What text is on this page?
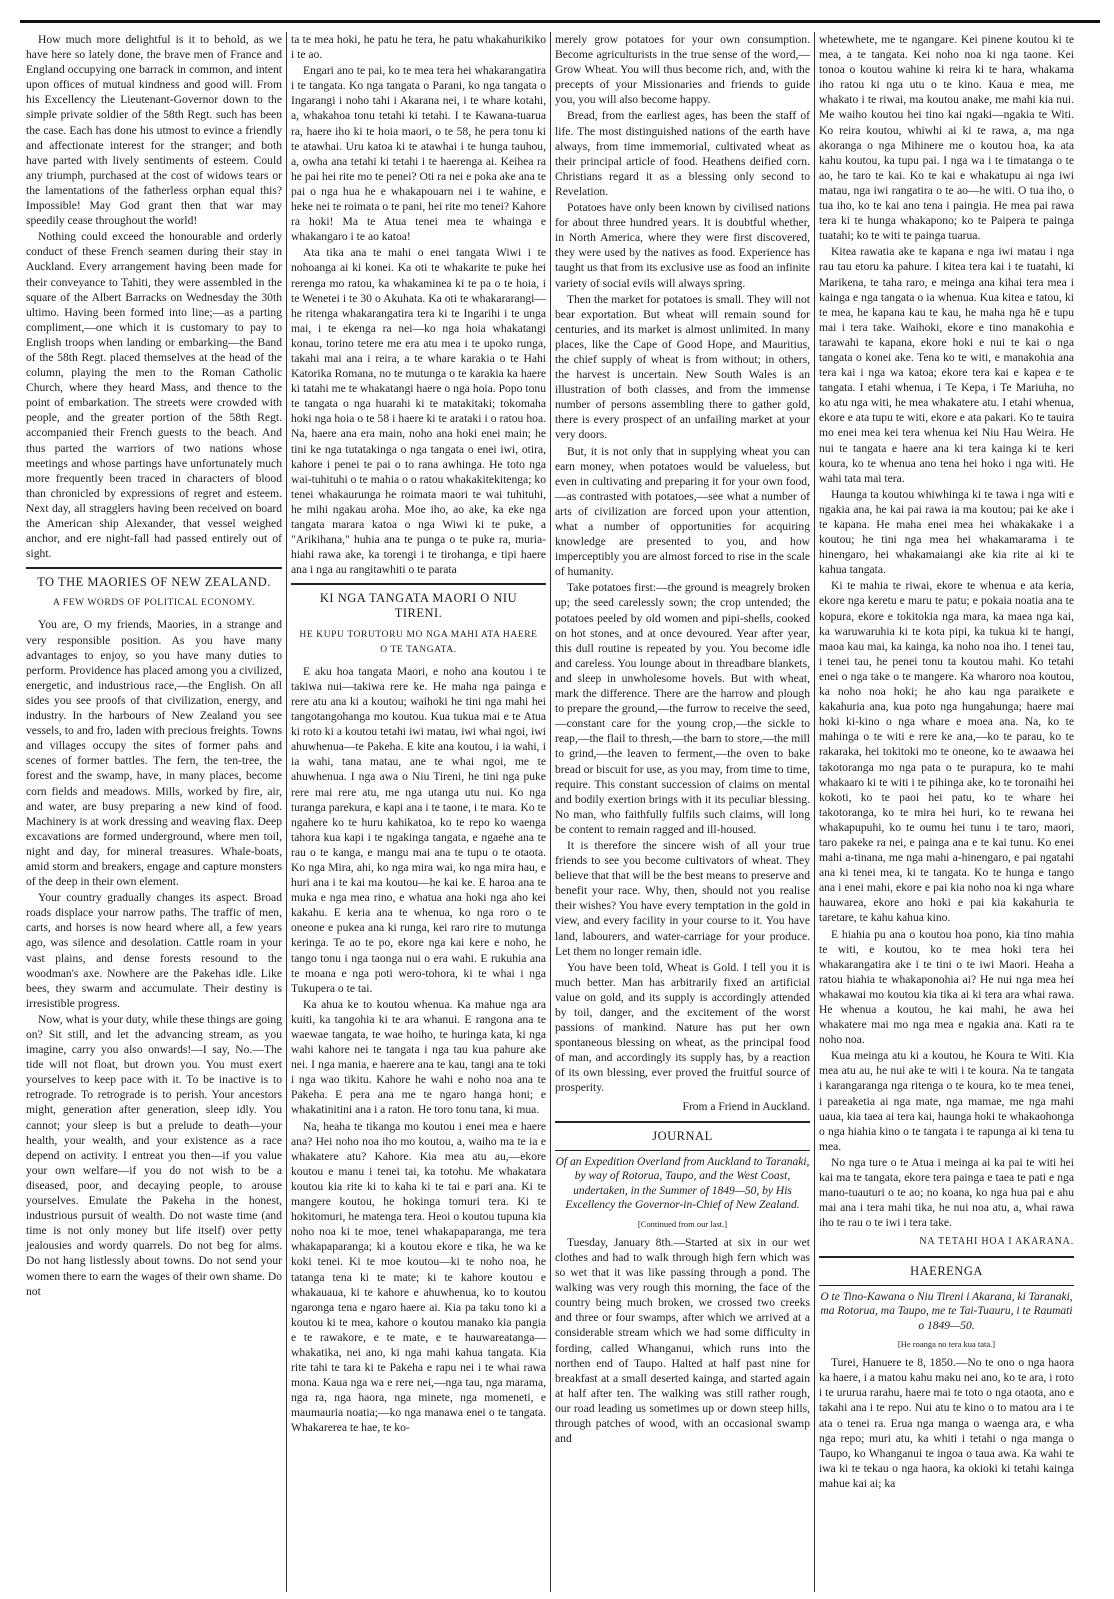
How much more delightful is it to behold, as we have here so lately done, the brave men of France and England occupying one barrack in common, and intent upon offices of mutual kindness and good will. From his Excellency the Lieutenant-Governor down to the simple private soldier of the 58th Regt. such has been the case. Each has done his utmost to evince a friendly and affectionate interest for the stranger; and both have parted with lively sentiments of esteem. Could any triumph, purchased at the cost of widows tears or the lamentations of the fatherless orphan equal this? Impossible! May God grant then that war may speedily cease throughout the world!

Nothing could exceed the honourable and orderly conduct of these French seamen during their stay in Auckland. Every arrangement having been made for their conveyance to Tahiti, they were assembled in the square of the Albert Barracks on Wednesday the 30th ultimo. Having been formed into line;—as a parting compliment,—one which it is customary to pay to English troops when landing or embarking—the Band of the 58th Regt. placed themselves at the head of the column, playing the men to the Roman Catholic Church, where they heard Mass, and thence to the point of embarkation. The streets were crowded with people, and the greater portion of the 58th Regt. accompanied their French guests to the beach. And thus parted the warriors of two nations whose meetings and whose partings have unfortunately much more frequently been traced in characters of blood than chronicled by expressions of regret and esteem. Next day, all stragglers having been received on board the American ship Alexander, that vessel weighed anchor, and ere night-fall had passed entirely out of sight.

TO THE MAORIES OF NEW ZEALAND.
A FEW WORDS OF POLITICAL ECONOMY.

You are, O my friends, Maories, in a strange and very responsible position. As you have many advantages to enjoy, so you have many duties to perform. Providence has placed among you a civilized, energetic, and industrious race,—the English. On all sides you see proofs of that civilization, energy, and industry. In the harbours of New Zealand you see vessels, to and fro, laden with precious freights. Towns and villages occupy the sites of former pahs and scenes of former battles. The fern, the ten-tree, the forest and the swamp, have, in many places, become corn fields and meadows. Mills, worked by fire, air, and water, are busy preparing a new kind of food. Machinery is at work dressing and weaving flax. Deep excavations are formed underground, where men toil, night and day, for mineral treasures. Whale-boats, amid storm and breakers, engage and capture monsters of the deep in their own element.

Your country gradually changes its aspect. Broad roads displace your narrow paths. The traffic of men, carts, and horses is now heard where all, a few years ago, was silence and desolation. Cattle roam in your vast plains, and dense forests resound to the woodman's axe. Nowhere are the Pakehas idle. Like bees, they swarm and accumulate. Their destiny is irresistible progress.

Now, what is your duty, while these things are going on? Sit still, and let the advancing stream, as you imagine, carry you also onwards!—I say, No.—The tide will not float, but drown you. You must exert yourselves to keep pace with it. To be inactive is to retrograde. To retrograde is to perish. Your ancestors might, generation after generation, sleep idly. You cannot; your sleep is but a prelude to death—your health, your wealth, and your existence as a race depend on activity. I entreat you then—if you value your own welfare—if you do not wish to be a diseased, poor, and decaying people, to arouse yourselves. Emulate the Pakeha in the honest, industrious pursuit of wealth. Do not waste time (and time is not only money but life itself) over petty jealousies and wordy quarrels. Do not beg for alms. Do not hang listlessly about towns. Do not send your women there to earn the wages of their own shame. Do not

ta te mea hoki, he patu he tera, he patu whakahurikiko i te ao.

Engari ano te pai, ko te mea tera hei whakarangatira i te tangata. Ko nga tangata o Parani, ko nga tangata o Ingarangi i noho tahi i Akarana nei, i te whare kotahi, a, whakahoa tonu tetahi ki tetahi. I te Kawana-tuarua ra, haere iho ki te hoia maori, o te 58, he pera tonu ki te atawhai. Uru katoa ki te atawhai i te hunga tauhou, a, owha ana tetahi ki tetahi i te haerenga ai. Keihea ra he pai hei rite mo te penei? Oti ra nei e poka ake ana te pai o nga hua he e whakapouarn nei i te wahine, e heke nei te roimata o te pani, hei rite mo tenei? Kahore ra hoki! Ma te Atua tenei mea te whainga e whakangaro i te ao katoa!

Ata tika ana te mahi o enei tangata Wiwi i te nohoanga ai ki konei. Ka oti te whakarite te puke hei rerenga mo ratou, ka whakaminea ki te pa o te hoia, i te Wenetei i te 30 o Akuhata. Ka oti te whakararangi—he ritenga whakarangatira tera ki te Ingarihi i te unga mai, i te ekenga ra nei—ko nga hoia whakatangi konau, torino tetere me era atu mea i te upoko runga, takahi mai ana i reira, a te whare karakia o te Hahi Katorika Romana, no te mutunga o te karakia ka haere ki tatahi me te whakatangi haere o nga hoia. Popo tonu te tangata o nga huarahi ki te matakitaki; tokomaha hoki nga hoia o te 58 i haere ki te arataki i o ratou hoa. Na, haere ana era main, noho ana hoki enei main; he tini ke nga tutatakinga o nga tangata o enei iwi, otira, kahore i penei te pai o to rana awhinga. He toto nga wai-tuhituhi o te mahia o o ratou whakakitekitenga; ko tenei whakaurunga he roimata maori te wai tuhituhi, he mihi ngakau aroha. Moe iho, ao ake, ka eke nga tangata marara katoa o nga Wiwi ki te puke, a "Arikihana," huhia ana te punga o te puke ra, muria-hiahi rawa ake, ka torengi i te tirohanga, e tipi haere ana i nga au rangitawhiti o te parata

KI NGA TANGATA MAORI O NIU
TIRENI.
HE KUPU TORUTORU MO NGA MAHI ATA HAERE
O TE TANGATA.

E aku hoa tangata Maori, e noho ana koutou i te takiwa nui—takiwa rere ke. He maha nga painga e rere atu ana ki a koutou; waihoki he tini nga mahi hei tangotangohanga mo koutou. Kua tukua mai e te Atua ki roto ki a koutou tetahi iwi matau, iwi whai ngoi, iwi ahuwhenua—te Pakeha. E kite ana koutou, i ia wahi, i ia wahi, tana matau, ane te whai ngoi, me te ahuwhenua. I nga awa o Niu Tireni, he tini nga puke rere mai rere atu, me nga utanga utu nui. Ko nga turanga parekura, e kapi ana i te taone, i te mara. Ko te ngahere ko te huru kahikatoa, ko te repo ko waenga tahora kua kapi i te ngakinga tangata, e ngaehe ana te rau o te kanga, e mangu mai ana te tupu o te otaota. Ko nga Mira, ahi, ko nga mira wai, ko nga mira hau, e huri ana i te kai ma koutou—he kai ke. E haroa ana te muka e nga mea rino, e whatua ana hoki nga aho kei kakahu. E keria ana te whenua, ko nga roro o te oneone e pukea ana ki runga, kei raro rire to mutunga keringa. Te ao te po, ekore nga kai kere e noho, he tango tonu i nga taonga nui o era wahi. E rukuhia ana te moana e nga poti wero-tohora, ki te whai i nga Tukupera o te tai.

Ka ahua ke to koutou whenua. Ka mahue nga ara kuiti, ka tangohia ki te ara whanui. E rangona ana te waewae tangata, te wae hoiho, te huringa kata, ki nga wahi kahore nei te tangata i nga tau kua pahure ake nei. I nga mania, e haerere ana te kau, tangi ana te toki i nga wao tikitu. Kahore he wahi e noho noa ana te Pakeha. E pera ana me te ngaro hanga honi; e whakatinitini ana i a raton. He toro tonu tana, ki mua.

Na, heaha te tikanga mo koutou i enei mea e haere ana? Hei noho noa iho mo koutou, a, waiho ma te ia e whakatere atu? Kahore. Kia mea atu au,—ekore koutou e manu i tenei tai, ka totohu. Me whakatara koutou kia rite ki to kaha ki te tai e pari ana. Ki te mangere koutou, he hokinga tomuri tera. Ki te hokitomuri, he matenga tera. Heoi o koutou tupuna kia noho noa ki te moe, tenei whakapaparanga, me tera whakapaparanga; ki a koutou ekore e tika, he wa ke koki tenei. Ki te moe koutou—ki te noho noa, he tatanga tena ki te mate; ki te kahore koutou e whakauaua, ki te kahore e ahuwhenua, ko to koutou ngaronga tena e ngaro haere ai. Kia pa taku tono ki a koutou ki te mea, kahore o koutou manako kia pangia e te rawakore, e te mate, e te hauwareatanga—whakatika, nei ano, ki nga mahi kahua tangata. Kia rite tahi te tara ki te Pakeha e rapu nei i te whai rawa mona. Kaua nga wa e rere nei,—nga tau, nga marama, nga ra, nga haora, nga minete, nga momeneti, e maumauria noatia;—ko nga manawa enei o te tangata. Whakarerea te hae, te ko-

merely grow potatoes for your own consumption. Become agriculturists in the true sense of the word,—Grow Wheat. You will thus become rich, and, with the precepts of your Missionaries and friends to guide you, you will also become happy.

Bread, from the earliest ages, has been the staff of life. The most distinguished nations of the earth have always, from time immemorial, cultivated wheat as their principal article of food. Heathens deified corn. Christians regard it as a blessing only second to Revelation.

Potatoes have only been known by civilised nations for about three hundred years. It is doubtful whether, in North America, where they were first discovered, they were used by the natives as food. Experience has taught us that from its exclusive use as food an infinite variety of social evils will always spring.

Then the market for potatoes is small. They will not bear exportation. But wheat will remain sound for centuries, and its market is almost unlimited. In many places, like the Cape of Good Hope, and Mauritius, the chief supply of wheat is from without; in others, the harvest is uncertain. New South Wales is an illustration of both classes, and from the immense number of persons assembling there to gather gold, there is every prospect of an unfailing market at your very doors.

But, it is not only that in supplying wheat you can earn money, when potatoes would be valueless, but even in cultivating and preparing it for your own food,—as contrasted with potatoes,—see what a number of arts of civilization are forced upon your attention, what a number of opportunities for acquiring knowledge are presented to you, and how imperceptibly you are almost forced to rise in the scale of humanity.

Take potatoes first:—the ground is meagrely broken up; the seed carelessly sown; the crop untended; the potatoes peeled by old women and pipi-shells, cooked on hot stones, and at once devoured. Year after year, this dull routine is repeated by you. You become idle and careless. You lounge about in threadbare blankets, and sleep in unwholesome hovels. But with wheat, mark the difference. There are the harrow and plough to prepare the ground,—the furrow to receive the seed,—constant care for the young crop,—the sickle to reap,—the flail to thresh,—the barn to store,—the mill to grind,—the leaven to ferment,—the oven to bake bread or biscuit for use, as you may, from time to time, require. This constant succession of claims on mental and bodily exertion brings with it its peculiar blessing. No man, who faithfully fulfils such claims, will long be content to remain ragged and ill-housed.

It is therefore the sincere wish of all your true friends to see you become cultivators of wheat. They believe that that will be the best means to preserve and benefit your race. Why, then, should not you realise their wishes? You have every temptation in the gold in view, and every facility in your course to it. You have land, labourers, and water-carriage for your produce. Let them no longer remain idle.

You have been told, Wheat is Gold. I tell you it is much better. Man has arbitrarily fixed an artificial value on gold, and its supply is accordingly attended by toil, danger, and the excitement of the worst passions of mankind. Nature has put her own spontaneous blessing on wheat, as the principal food of man, and accordingly its supply has, by a reaction of its own blessing, ever proved the fruitful source of prosperity.

From a Friend in Auckland.
JOURNAL
Of an Expedition Overland from Auckland to Taranaki, by way of Rotorua, Taupo, and the West Coast, undertaken, in the Summer of 1849—50, by His Excellency the Governor-in-Chief of New Zealand.
[Continued from our last.]

Tuesday, January 8th.—Started at six in our wet clothes and had to walk through high fern which was so wet that it was like passing through a pond. The walking was very rough this morning, the face of the country being much broken, we crossed two creeks and three or four swamps, after which we arrived at a considerable stream which we had some difficulty in fording, called Whanganui, which runs into the northen end of Taupo. Halted at half past nine for breakfast at a small deserted kainga, and started again at half after ten. The walking was still rather rough, our road leading us sometimes up or down steep hills, through patches of wood, with an occasional swamp and

whetewhete, me te ngangare. Kei pinene koutou ki te mea, a te tangata. Kei noho noa ki nga taone. Kei tonoa o koutou wahine ki reira ki te hara, whakama iho ratou ki nga utu o te kino. Kaua e mea, me whakato i te riwai, ma koutou anake, me mahi kia nui. Me waiho koutou hei tino kai ngaki—ngakia te Witi. Ko reira koutou, whiwhi ai ki te rawa, a, ma nga akoranga o nga Mihinere me o koutou hoa, ka ata kahu koutou, ka tupu pai. I nga wa i te timatanga o te ao, he taro te kai. Ko te kai e whakatupu ai nga iwi matau, nga iwi rangatira o te ao—he witi. O tua iho, o tua iho, ko te kai ano tena i paingia. He mea pai rawa tera ki te hunga whakapono; ko te Paipera te painga tuatahi; ko te witi te painga tuarua.

Kitea rawatia ake te kapana e nga iwi matau i nga rau tau etoru ka pahure. I kitea tera kai i te tuatahi, ki Marikena, te taha raro, e meinga ana kihai tera mea i kainga e nga tangata o ia whenua. Kua kitea e tatou, ki te mea, he kapana kau te kau, he maha nga hē e tupu mai i tera take. Waihoki, ekore e tino manakohia e tarawahi te kapana, ekore hoki e nui te kai o nga tangata o konei ake. Tena ko te witi, e manakohia ana tera kai i nga wa katoa; ekore tera kai e kapea e te tangata. I etahi whenua, i Te Kepa, i Te Mariuha, no ko atu nga witi, he mea whakatere atu. I etahi whenua, ekore e ata tupu te witi, ekore e ata pakari. Ko te tauira mo enei mea kei tera whenua kei Niu Hau Weira. He nui te tangata e haere ana ki tera kainga ki te keri koura, ko te whenua ano tena hei hoko i nga witi. He wahi tata mai tera.

Haunga ta koutou whiwhinga ki te tawa i nga witi e ngakia ana, he kai pai rawa ia ma koutou; pai ke ake i te kapana. He maha enei mea hei whakakake i a koutou; he tini nga mea hei whakamarama i te hinengaro, hei whakamaiangi ake kia rite ai ki te kahua tangata.

Ki te mahia te riwai, ekore te whenua e ata keria, ekore nga keretu e maru te patu; e pokaia noatia ana te kopura, ekore e tokitokia nga mara, ka maea nga kai, ka waruwaruhia ki te kota pipi, ka tukua ki te hangi, maoa kau mai, ka kainga, ka noho noa iho. I tenei tau, i tenei tau, he penei tonu ta koutou mahi. Ko tetahi enei o nga take o te mangere. Ka wharoro noa koutou, ka noho noa hoki; he aho kau nga paraikete e kakahuria ana, kua poto nga hungahunga; haere mai hoki ki-kino o nga whare e moea ana. Na, ko te mahinga o te witi e rere ke ana,—ko te parau, ko te rakaraka, hei tokitoki mo te oneone, ko te awaawa hei takotoranga mo nga pata o te purapura, ko te mahi whakaaro ki te witi i te pihinga ake, ko te toronaihi hei kokoti, ko te paoi hei patu, ko te whare hei takotoranga, ko te mira hei huri, ko te rewana hei whakapupuhi, ko te oumu hei tunu i te taro, maori, taro pakeke ra nei, e painga ana e te kai tunu. Ko enei mahi a-tinana, me nga mahi a-hinengaro, e pai ngatahi ana ki tenei mea, ki te tangata. Ko te hunga e tango ana i enei mahi, ekore e pai kia noho noa ki nga whare hauwarea, ekore ano hoki e pai kia kakahuria te taretare, te kahu kahua kino.

E hiahia pu ana o koutou hoa pono, kia tino mahia te witi, e koutou, ko te mea hoki tera hei whakarangatira ake i te tini o te iwi Maori. Heaha a ratou hiahia te whakaponohia ai? He nui nga mea hei whakawai mo koutou kia tika ai ki tera ara whai rawa. He whenua a koutou, he kai mahi, he awa hei whakatere mai mo nga mea e ngakia ana. Kati ra te noho noa.

Kua meinga atu ki a koutou, he Koura te Witi. Kia mea atu au, he nui ake te witi i te koura. Na te tangata i karangaranga nga ritenga o te koura, ko te mea tenei, i pareaketia ai nga mate, nga mamae, me nga mahi uaua, kia taea ai tera kai, haunga hoki te whakaohonga o nga hiahia kino o te tangata i te rapunga ai ki tena tu mea.

No nga ture o te Atua i meinga ai ka pai te witi hei kai ma te tangata, ekore tera painga e taea te pati e nga mano-tuauturi o te ao; no koana, ko nga hua pai e ahu mai ana i tera mahi tika, he nui noa atu, a, whai rawa iho te rau o te iwi i tera take.

NA TETAHI HOA I AKARANA.
HAERENGA
O te Tino-Kawana o Niu Tireni i Akarana, ki Taranaki, ma Rotorua, ma Taupo, me te Tai-Tuauru, i te Raumati o 1849—50.
[He roanga no tera kua tata.]

Turei, Hanuere te 8, 1850.—No te ono o nga haora ka haere, i a matou kahu maku nei ano, ko te ara, i roto i te ururua rarahu, haere mai te toto o nga otaota, ano e takahi ana i te repo. Nui atu te kino o to matou ara i te ata o tenei ra. Erua nga manga o waenga ara, e wha nga repo; muri atu, ka whiti i tetahi o nga manga o Taupo, ko Whanganui te ingoa o taua awa. Ka wahi te iwa ki te tekau o nga haora, ka okioki ki tetahi kainga mahue kai ai; ka
